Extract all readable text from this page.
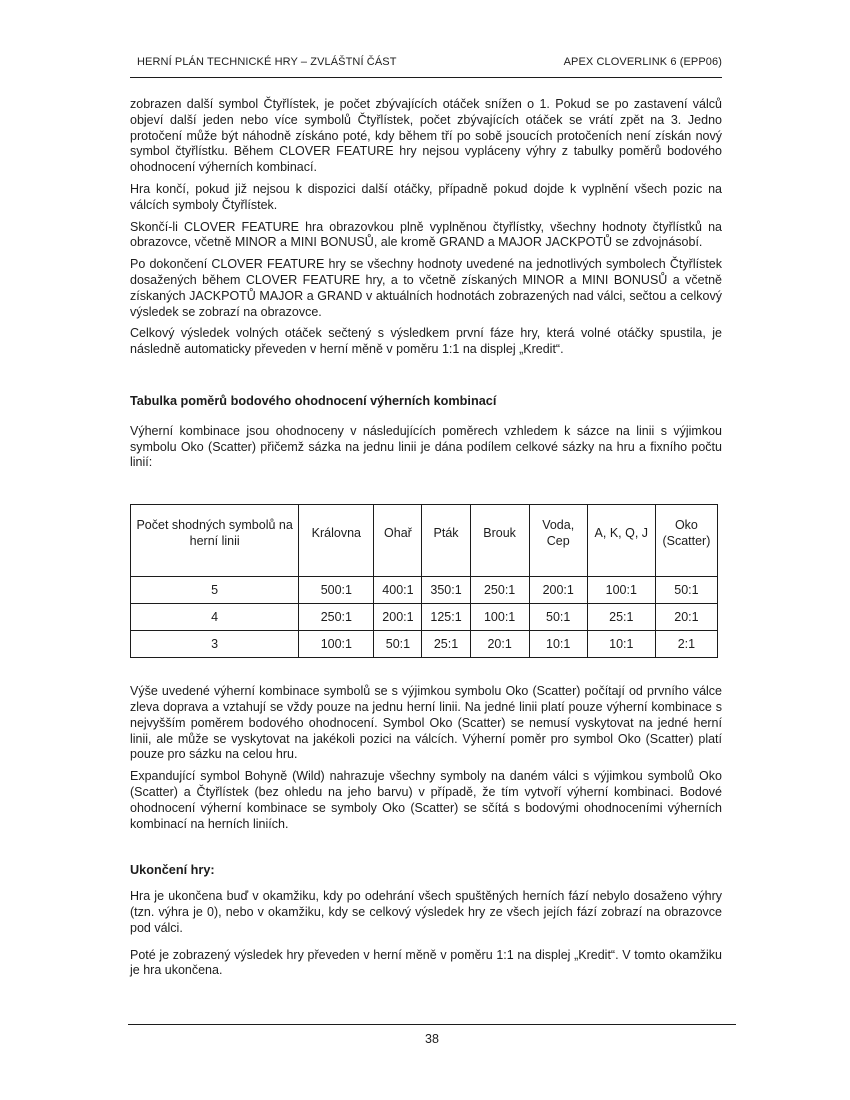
HERNÍ PLÁN TECHNICKÉ HRY – ZVLÁŠTNÍ ČÁST	APEX CLOVERLINK 6 (EPP06)

zobrazen další symbol Čtyřlístek, je počet zbývajících otáček snížen o 1. Pokud se po zastavení válců objeví další jeden nebo více symbolů Čtyřlístek, počet zbývajících otáček se vrátí zpět na 3. Jedno protočení může být náhodně získáno poté, kdy během tří po sobě jsoucích protočeních není získán nový symbol čtyřlístku. Během CLOVER FEATURE hry nejsou vypláceny výhry z tabulky poměrů bodového ohodnocení výherních kombinací.

Hra končí, pokud již nejsou k dispozici další otáčky, případně pokud dojde k vyplnění všech pozic na válcích symboly Čtyřlístek.

Skončí-li CLOVER FEATURE hra obrazovkou plně vyplněnou čtyřlístky, všechny hodnoty čtyřlístků na obrazovce, včetně MINOR a MINI BONUSŮ, ale kromě GRAND a MAJOR JACKPOTŮ se zdvojnásobí.

Po dokončení CLOVER FEATURE hry se všechny hodnoty uvedené na jednotlivých symbolech Čtyřlístek dosažených během CLOVER FEATURE hry, a to včetně získaných MINOR a MINI BONUSŮ a včetně získaných JACKPOTŮ MAJOR a GRAND v aktuálních hodnotách zobrazených nad válci, sečtou a celkový výsledek se zobrazí na obrazovce.

Celkový výsledek volných otáček sečtený s výsledkem první fáze hry, která volné otáčky spustila, je následně automaticky převeden v herní měně v poměru 1:1 na displej „Kredit“.

Tabulka poměrů bodového ohodnocení výherních kombinací

Výherní kombinace jsou ohodnoceny v následujících poměrech vzhledem k sázce na linii s výjimkou symbolu Oko (Scatter) přičemž sázka na jednu linii je dána podílem celkové sázky na hru a fixního počtu linií:

Počet shodných symbolů na herní linii	Královna	Ohař	Pták	Brouk	Voda, Cep	A, K, Q, J	Oko (Scatter)
5	500:1	400:1	350:1	250:1	200:1	100:1	50:1
4	250:1	200:1	125:1	100:1	50:1	25:1	20:1
3	100:1	50:1	25:1	20:1	10:1	10:1	2:1

Výše uvedené výherní kombinace symbolů se s výjimkou symbolu Oko (Scatter) počítají od prvního válce zleva doprava a vztahují se vždy pouze na jednu herní linii. Na jedné linii platí pouze výherní kombinace s nejvyšším poměrem bodového ohodnocení. Symbol Oko (Scatter) se nemusí vyskytovat na jedné herní linii, ale může se vyskytovat na jakékoli pozici na válcích. Výherní poměr pro symbol Oko (Scatter) platí pouze pro sázku na celou hru.

Expandující symbol Bohyně (Wild) nahrazuje všechny symboly na daném válci s výjimkou symbolů Oko (Scatter) a Čtyřlístek (bez ohledu na jeho barvu) v případě, že tím vytvoří výherní kombinaci. Bodové ohodnocení výherní kombinace se symboly Oko (Scatter) se sčítá s bodovými ohodnoceními výherních kombinací na herních liniích.

Ukončení hry:

Hra je ukončena buď v okamžiku, kdy po odehrání všech spuštěných herních fází nebylo dosaženo výhry (tzn. výhra je 0), nebo v okamžiku, kdy se celkový výsledek hry ze všech jejích fází zobrazí na obrazovce pod válci.

Poté je zobrazený výsledek hry převeden v herní měně v poměru 1:1 na displej „Kredit“. V tomto okamžiku je hra ukončena.

38
